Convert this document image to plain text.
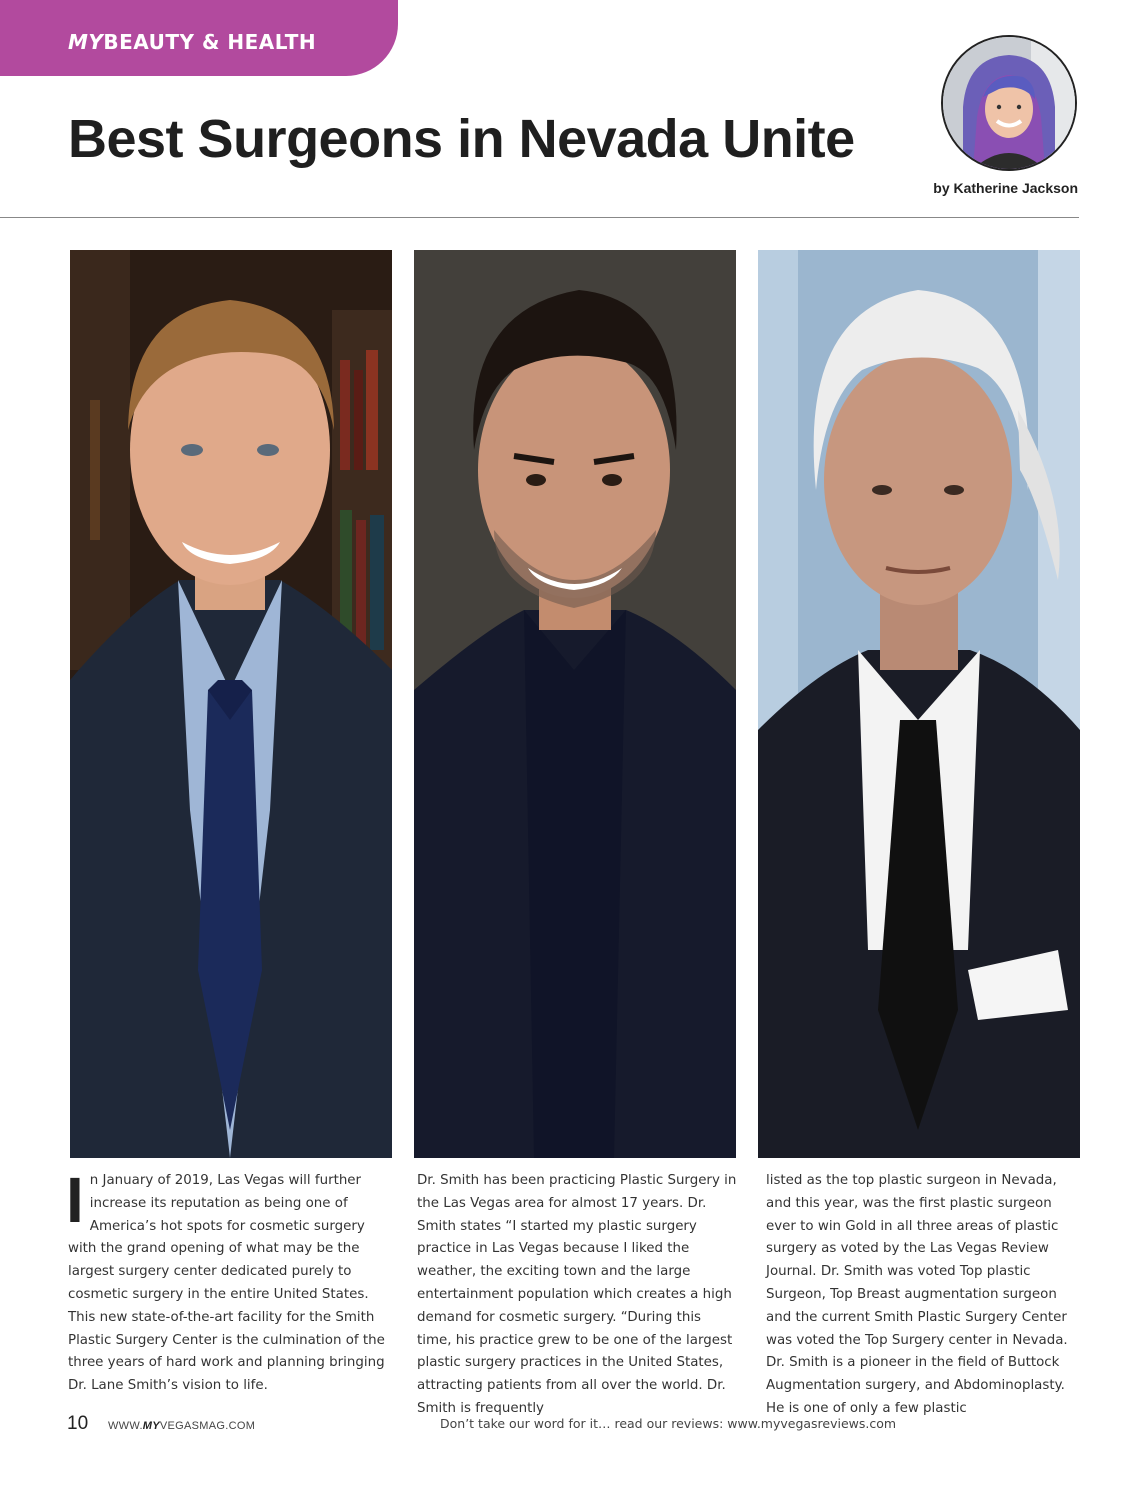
MYBEAUTY & HEALTH
Best Surgeons in Nevada Unite
by Katherine Jackson
I n January of 2019, Las Vegas will further increase its reputation as being one of America’s hot spots for cosmetic surgery with the grand opening of what may be the largest surgery center dedicated purely to cosmetic surgery in the entire United States. This new state-of-the-art facility for the Smith Plastic Surgery Center is the culmination of the three years of hard work and planning bringing Dr. Lane Smith’s vision to life.

Dr. Smith has been practicing Plastic Surgery in the Las Vegas area for almost 17 years. Dr. Smith states “I started my plastic surgery practice in Las Vegas because I liked the weather, the exciting town and the large entertainment population which creates a high demand for cosmetic surgery. “During this time, his practice grew to be one of the largest plastic surgery practices in the United States, attracting patients from all over the world. Dr. Smith is frequently

listed as the top plastic surgeon in Nevada, and this year, was the first plastic surgeon ever to win Gold in all three areas of plastic surgery as voted by the Las Vegas Review Journal. Dr. Smith was voted Top plastic Surgeon, Top Breast augmentation surgeon and the current Smith Plastic Surgery Center was voted the Top Surgery center in Nevada. Dr. Smith is a pioneer in the field of Buttock Augmentation surgery, and Abdominoplasty. He is one of only a few plastic

10 WWW.MYVEGASMAG.COM	Don’t take our word for it… read our reviews: www.myvegasreviews.com
